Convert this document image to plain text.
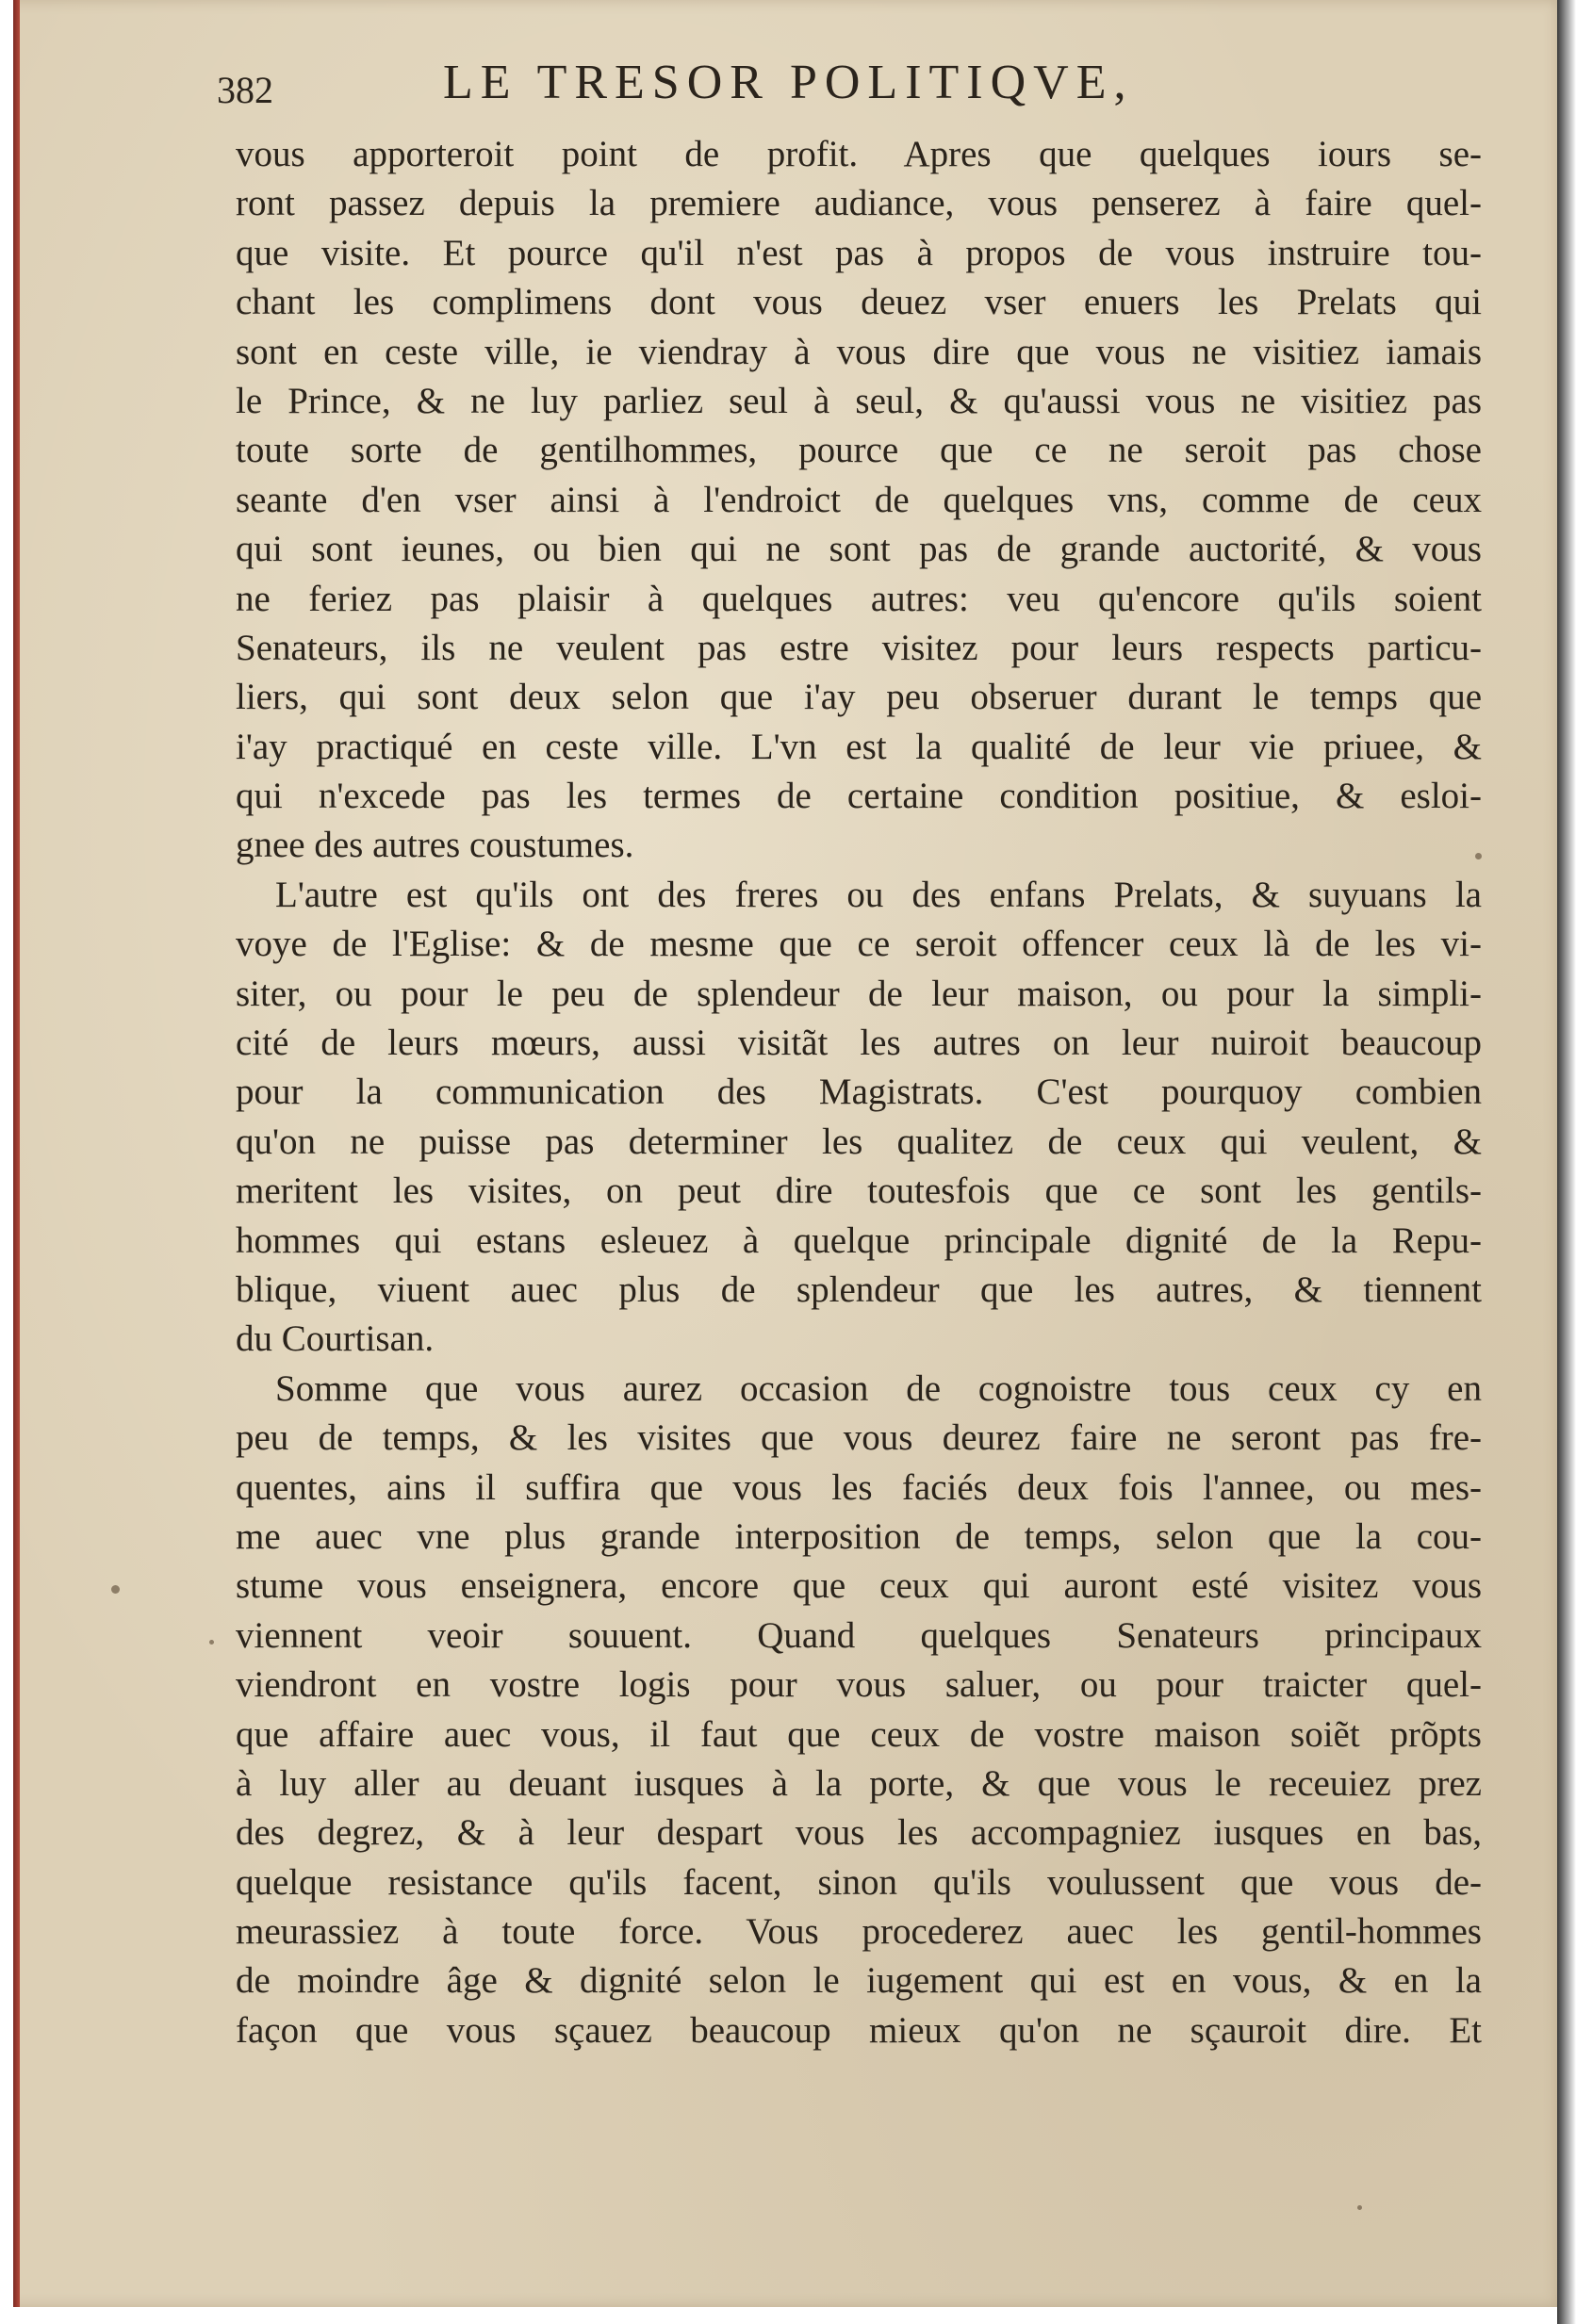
382	LE TRESOR POLITIQVE,
vous apporteroit point de profit. Apres que quelques iours se-
ront passez depuis la premiere audiance, vous penserez à faire quel-
que visite. Et pource qu'il n'est pas à propos de vous instruire tou-
chant les complimens dont vous deuez vser enuers les Prelats qui
sont en ceste ville, ie viendray à vous dire que vous ne visitiez iamais
le Prince, & ne luy parliez seul à seul, & qu'aussi vous ne visitiez pas
toute sorte de gentilhommes, pource que ce ne seroit pas chose
seante d'en vser ainsi à l'endroict de quelques vns, comme de ceux
qui sont ieunes, ou bien qui ne sont pas de grande auctorité, & vous
ne feriez pas plaisir à quelques autres: veu qu'encore qu'ils soient
Senateurs, ils ne veulent pas estre visitez pour leurs respects particu-
liers, qui sont deux selon que i'ay peu obseruer durant le temps que
i'ay practiqué en ceste ville. L'vn est la qualité de leur vie priuee, &
qui n'excede pas les termes de certaine condition positiue, & esloi-
gnee des autres coustumes.
L'autre est qu'ils ont des freres ou des enfans Prelats, & suyuans la
voye de l'Eglise: & de mesme que ce seroit offencer ceux là de les vi-
siter, ou pour le peu de splendeur de leur maison, ou pour la simpli-
cité de leurs mœurs, aussi visitãt les autres on leur nuiroit beaucoup
pour la communication des Magistrats. C'est pourquoy combien
qu'on ne puisse pas determiner les qualitez de ceux qui veulent, &
meritent les visites, on peut dire toutesfois que ce sont les gentils-
hommes qui estans esleuez à quelque principale dignité de la Repu-
blique, viuent auec plus de splendeur que les autres, & tiennent
du Courtisan.
Somme que vous aurez occasion de cognoistre tous ceux cy en
peu de temps, & les visites que vous deurez faire ne seront pas fre-
quentes, ains il suffira que vous les faciés deux fois l'annee, ou mes-
me auec vne plus grande interposition de temps, selon que la cou-
stume vous enseignera, encore que ceux qui auront esté visitez vous
viennent veoir souuent. Quand quelques Senateurs principaux
viendront en vostre logis pour vous saluer, ou pour traicter quel-
que affaire auec vous, il faut que ceux de vostre maison soiẽt prõpts
à luy aller au deuant iusques à la porte, & que vous le receuiez prez
des degrez, & à leur despart vous les accompagniez iusques en bas,
quelque resistance qu'ils facent, sinon qu'ils voulussent que vous de-
meurassiez à toute force. Vous procederez auec les gentil-hommes
de moindre âge & dignité selon le iugement qui est en vous, & en la
façon que vous sçauez beaucoup mieux qu'on ne sçauroit dire. Et
